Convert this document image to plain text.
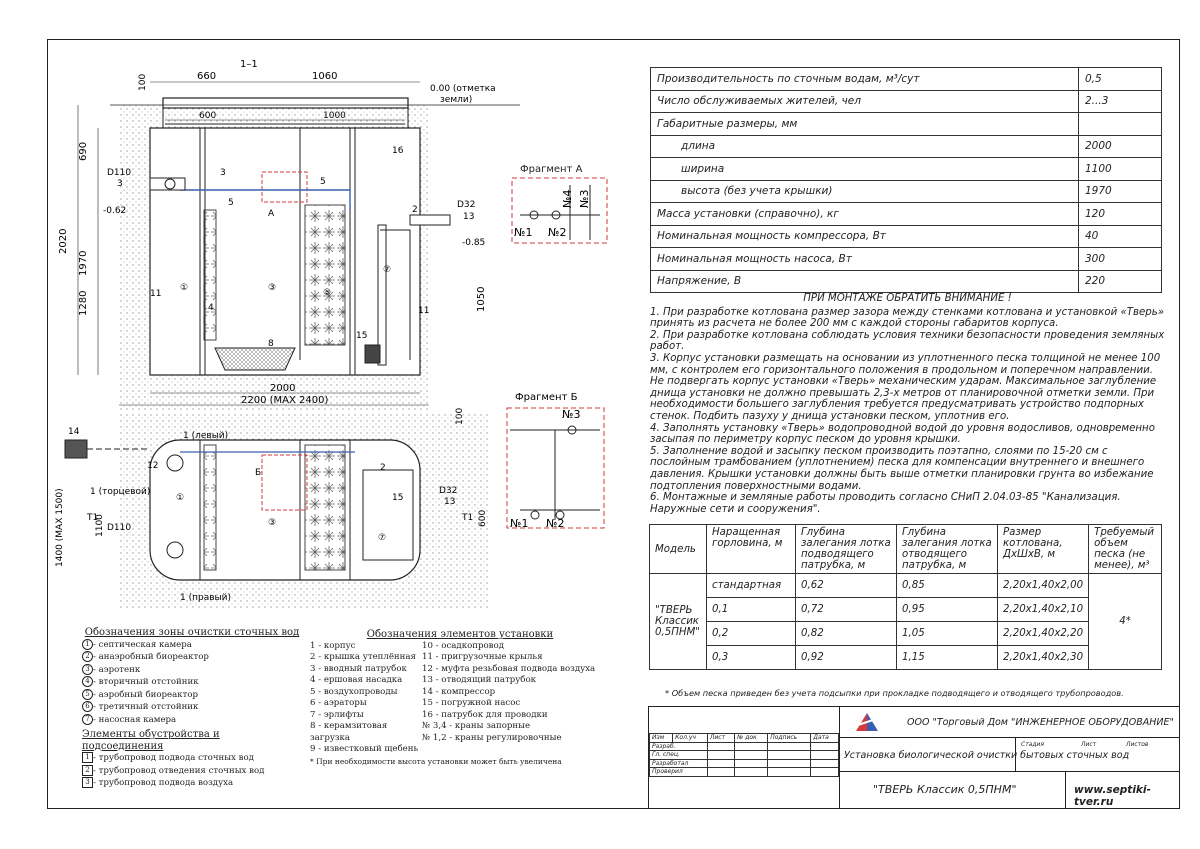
①	③
4
⑤
⑦
11
11
8
15
16
3
5
5
2
А
1–1
660	1060
600	1000
100	0.00 (отметка
земли)
2020
1970
690
1280
D110
3
-0.62
D32
13
-0.85
1050
2000
2200 (MAX 2400)
14
12
1 (левый)
1 (торцевой)
1 (правый)
Т1	Т1
D110
D32
13
Б
1400 (MAX 1500)	1100	600
①
③
⑦
2
15
Фрагмент А
№1 №2
№4 №3
Фрагмент Б
№3
№1 №2
Производительность по сточным водам, м³/сут	0,5
Число обслуживаемых жителей, чел	2...3
Габаритные размеры, мм	
длина	2000
ширина	1100
высота (без учета крышки)	1970
Масса установки (справочно), кг	120
Номинальная мощность компрессора, Вт	40
Номинальная мощность насоса, Вт	300
Напряжение, В	220

ПРИ МОНТАЖЕ ОБРАТИТЬ ВНИМАНИЕ !

1. При разработке котлована размер зазора между стенками котлована и установкой «Тверь» принять из расчета не более 200 мм с каждой стороны габаритов корпуса.

2. При разработке котлована соблюдать условия техники безопасности проведения земляных работ.

3. Корпус установки размещать на основании из уплотненного песка толщиной не менее 100 мм, с контролем его горизонтального положения в продольном и поперечном направлении. Не подвергать корпус установки «Тверь» механическим ударам. Максимальное заглубление днища установки не должно превышать 2,3-х метров от планировочной отметки земли. При необходимости большего заглубления требуется предусматривать устройство подпорных стенок. Подбить пазуху у днища установки песком, уплотнив его.

4. Заполнять установку «Тверь» водопроводной водой до уровня водосливов, одновременно засыпая по периметру корпус песком до уровня крышки.

5. Заполнение водой и засыпку песком производить поэтапно, слоями по 15-20 см с послойным трамбованием (уплотнением) песка для компенсации внутреннего и внешнего давления. Крышки установки должны быть выше отметки планировки грунта во избежание подтопления поверхностными водами.

6. Монтажные и земляные работы проводить согласно СНиП 2.04.03-85 "Канализация. Наружные сети и сооружения".

Модель	Наращенная горловина, м	Глубина залегания лотка подводящего патрубка, м	Глубина залегания лотка отводящего патрубка, м	Размер котлована, ДхШхВ, м	Требуемый объем песка (не менее), м³
"ТВЕРЬ Классик 0,5ПНМ"	стандартная	0,62	0,85	2,20х1,40х2,00	4*
	0,1	0,72	0,95	2,20х1,40х2,10	
	0,2	0,82	1,05	2,20х1,40х2,20	
	0,3	0,92	1,15	2,20х1,40х2,30	
* Объем песка приведен без учета подсыпки при прокладке подводящего и отводящего трубопроводов.
Обозначения зоны очистки сточных вод
1 - септическая камера
2 - анаэробный биореактор
3 - аэротенк
4 - вторичный отстойник
5 - аэробный биореактор
6 - третичный отстойник
7 - насосная камера
Элементы обустройства и подсоединения
1 - трубопровод подвода сточных вод
2 - трубопровод отведения сточных вод
3 - трубопровод подвода воздуха
Обозначения элементов установки
1 - корпус
2 - крышка утеплённая
3 - вводный патрубок
4 - ершовая насадка
5 - воздухопроводы
6 - аэраторы
7 - эрлифты
8 - керамзитовая загрузка
9 - известковый щебень
10 - осадкопровод
11 - пригрузочные крылья
12 - муфта резьбовая подвода воздуха
13 - отводящий патрубок
14 - компрессор
15 - погружной насос
16 - патрубок для проводки
№ 3,4 - краны запорные
№ 1,2 - краны регулировочные
* При необходимости высота установки может быть увеличена
Изм	Кол.уч	Лист	№ док	Подпись	Дата
Разраб.					
Гл. спец.					
Разработал					
Проверил					
ООО "Торговый Дом "ИНЖЕНЕРНОЕ ОБОРУДОВАНИЕ"
Установка биологической очистки бытовых сточных вод
Стадия	Лист	Листов
"ТВЕРЬ Классик 0,5ПНМ"	www.septiki-tver.ru
